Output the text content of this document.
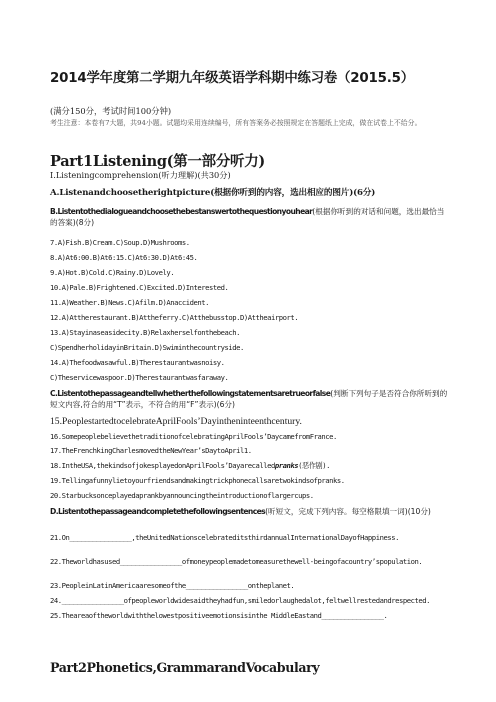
2014学年度第二学期九年级英语学科期中练习卷（2015.5）
(满分150分，考试时间100分钟)
考生注意：本卷有7大题，共94小题。试题均采用连续编号，所有答案务必按照规定在答题纸上完成，做在试卷上不给分。
Part1Listening(第一部分听力)
I.Listeningcomprehension(听力理解)(共30分)
A.Listenandchoosetherightpicture(根据你听到的内容，选出相应的图片)(6分)
B.Listentothedialogueandchoosethebestanswertothequestionyouhear(根据你听到的对话和问题，选出最恰当的答案)(8分)
7.A)Fish.B)Cream.C)Soup.D)Mushrooms.
8.A)At6:00.B)At6:15.C)At6:30.D)At6:45.
9.A)Hot.B)Cold.C)Rainy.D)Lovely.
10.A)Pale.B)Frightened.C)Excited.D)Interested.
11.A)Weather.B)News.C)Afilm.D)Anaccident.
12.A)Attherestaurant.B)Attheferry.C)Atthebusstop.D)Attheairport.
13.A)Stayinaseasidecity.B)Relaxherselfonthebeach.
C)SpendherholidayinBritain.D)Swiminthecountryside.
14.A)Thefoodwasawful.B)Therestaurantwasnoisy.
C)Theservicewaspoor.D)Therestaurantwasfaraway.
C.Listentothepassageandtellwhetherthefollowingstatementsaretrueorfalse(判断下列句子是否符合你所听到的短文内容,符合的用“T”表示，不符合的用“F”表示)(6分)
15.PeoplestartedtocelebrateAprilFools’Dayintheninteenthcentury.
16.SomepeoplebelievethetraditionofcelebratingAprilFools’DaycamefromFrance.
17.TheFrenchkingCharlesmovedtheNewYear’sDaytoApril1.
18.IntheUSA,thekindsofjokesplayedonAprilFools’Dayarecalledpranks(恶作剧).
19.Tellingafunnylietoyourfriendsandmakingtrickphonecallsaretwokindsofpranks.
20.Starbucksonceplayedaprankbyannouncingtheintroductionoflargercups.
D.Listentothepassageandcompletethefollowingsentences(听短文，完成下列内容。每空格限填一词)(10分)
21.On________________,theUnitedNationscelebrateditsthirdannualInternationalDayofHappiness.
22.Theworldhasused________________ofmoneypeoplemadetomeasurethewell-beingofacountry’spopulation.
Part2Phonetics,GrammarandVocabulary
23.PeopleinLatinAmericaaresomeofthe________________ontheplanet.
24.________________ofpeopleworldwidesaidtheyhadfun,smiledorlaughedalot,feltwellrestedandrespected.
25.Theareaoftheworldwiththelowestpositiveemotionsisinthe MiddleEastand________________.
